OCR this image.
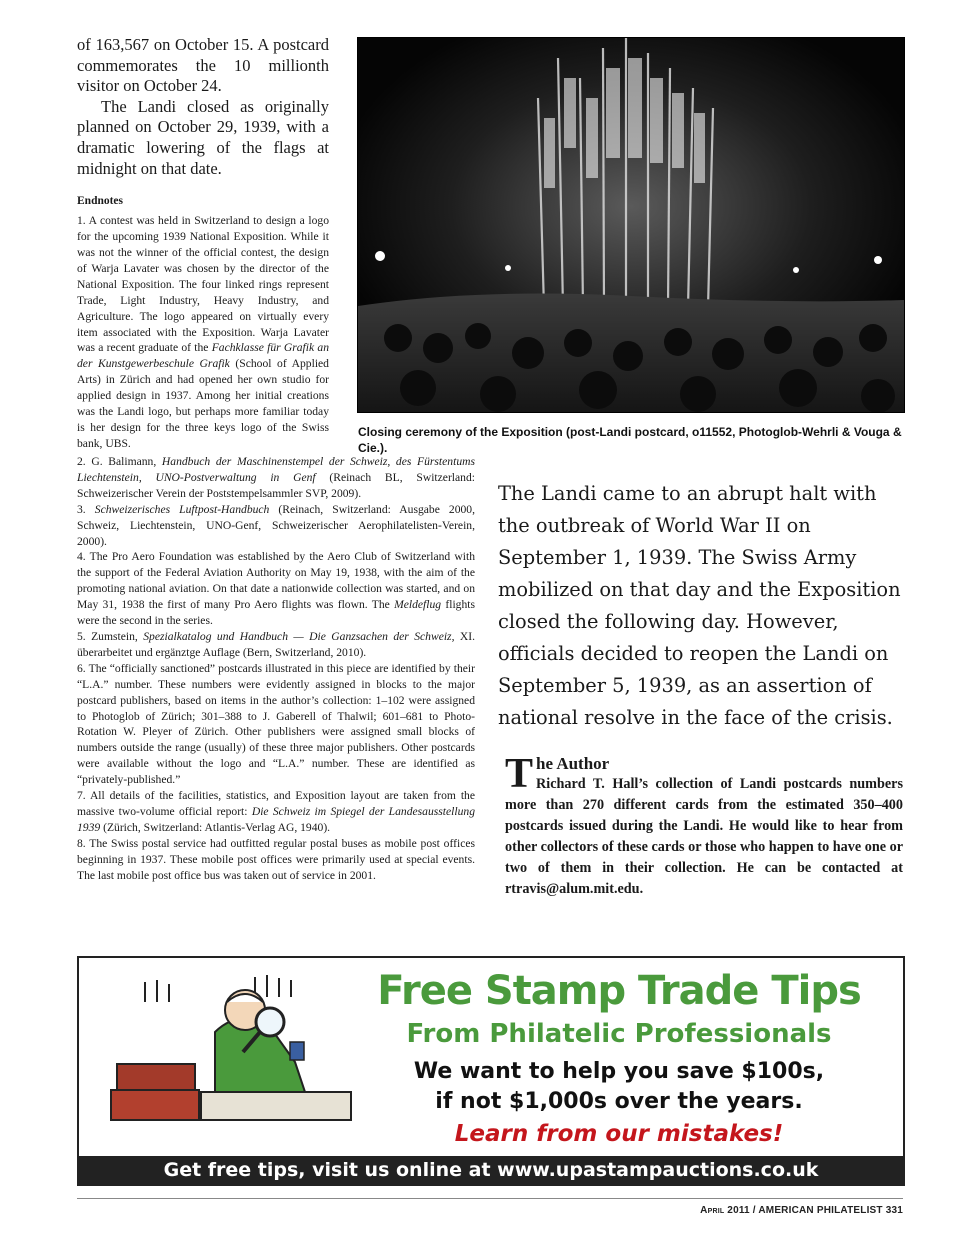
of 163,567 on October 15. A postcard commemorates the 10 millionth visitor on October 24.

The Landi closed as originally planned on October 29, 1939, with a dramatic lowering of the flags at midnight on that date.

Endnotes

1. A contest was held in Switzerland to design a logo for the upcoming 1939 National Exposition. While it was not the winner of the official contest, the design of Warja Lavater was chosen by the director of the National Exposition. The four linked rings represent Trade, Light Industry, Heavy Industry, and Agriculture. The logo appeared on virtually every item associated with the Exposition. Warja Lavater was a recent graduate of the Fachklasse für Grafik an der Kunstgewerbeschule Grafik (School of Applied Arts) in Zürich and had opened her own studio for applied design in 1937. Among her initial creations was the Landi logo, but perhaps more familiar today is her design for the three keys logo of the Swiss bank, UBS.

2. G. Balimann, Handbuch der Maschinenstempel der Schweiz, des Fürstentums Liechtenstein, UNO-Postverwaltung in Genf (Reinach BL, Switzerland: Schweizerischer Verein der Poststempelsammler SVP, 2009).

3. Schweizerisches Luftpost-Handbuch (Reinach, Switzerland: Ausgabe 2000, Schweiz, Liechtenstein, UNO-Genf, Schweizerischer Aerophilatelisten-Verein, 2000).

4. The Pro Aero Foundation was established by the Aero Club of Switzerland with the support of the Federal Aviation Authority on May 19, 1938, with the aim of the promoting national aviation. On that date a nationwide collection was started, and on May 31, 1938 the first of many Pro Aero flights was flown. The Meldeflug flights were the second in the series.

5. Zumstein, Spezialkatalog und Handbuch — Die Ganzsachen der Schweiz, XI. überarbeitet und ergänztge Auflage (Bern, Switzerland, 2010).

6. The “officially sanctioned” postcards illustrated in this piece are identified by their “L.A.” number. These numbers were evidently assigned in blocks to the major postcard publishers, based on items in the author’s collection: 1–102 were assigned to Photoglob of Zürich; 301–388 to J. Gaberell of Thalwil; 601–681 to Photo-Rotation W. Pleyer of Zürich. Other publishers were assigned small blocks of numbers outside the range (usually) of these three major publishers. Other postcards were available without the logo and “L.A.” number. These are identified as “privately-published.”

7. All details of the facilities, statistics, and Exposition layout are taken from the massive two-volume official report: Die Schweiz im Spiegel der Landesausstellung 1939 (Zürich, Switzerland: Atlantis-Verlag AG, 1940).

8. The Swiss postal service had outfitted regular postal buses as mobile post offices beginning in 1937. These mobile post offices were primarily used at special events. The last mobile post office bus was taken out of service in 2001.

Closing ceremony of the Exposition (post-Landi postcard, o11552, Photoglob-Wehrli & Vouga & Cie.).
The Landi came to an abrupt halt with the outbreak of World War II on September 1, 1939. The Swiss Army mobilized on that day and the Exposition closed the following day. However, officials decided to reopen the Landi on September 5, 1939, as an assertion of national resolve in the face of the crisis.
T he Author
Richard T. Hall’s collection of Landi postcards numbers more than 270 different cards from the estimated 350–400 postcards issued during the Landi. He would like to hear from other collectors of these cards or those who happen to have one or two of them in their collection. He can be contacted at rtravis@alum.mit.edu.
Free Stamp Trade Tips
From Philatelic Professionals
We want to help you save $100s,
if not $1,000s over the years.
Learn from our mistakes!
Get free tips, visit us online at www.upastampauctions.co.uk
April 2011 / AMERICAN PHILATELIST 331
